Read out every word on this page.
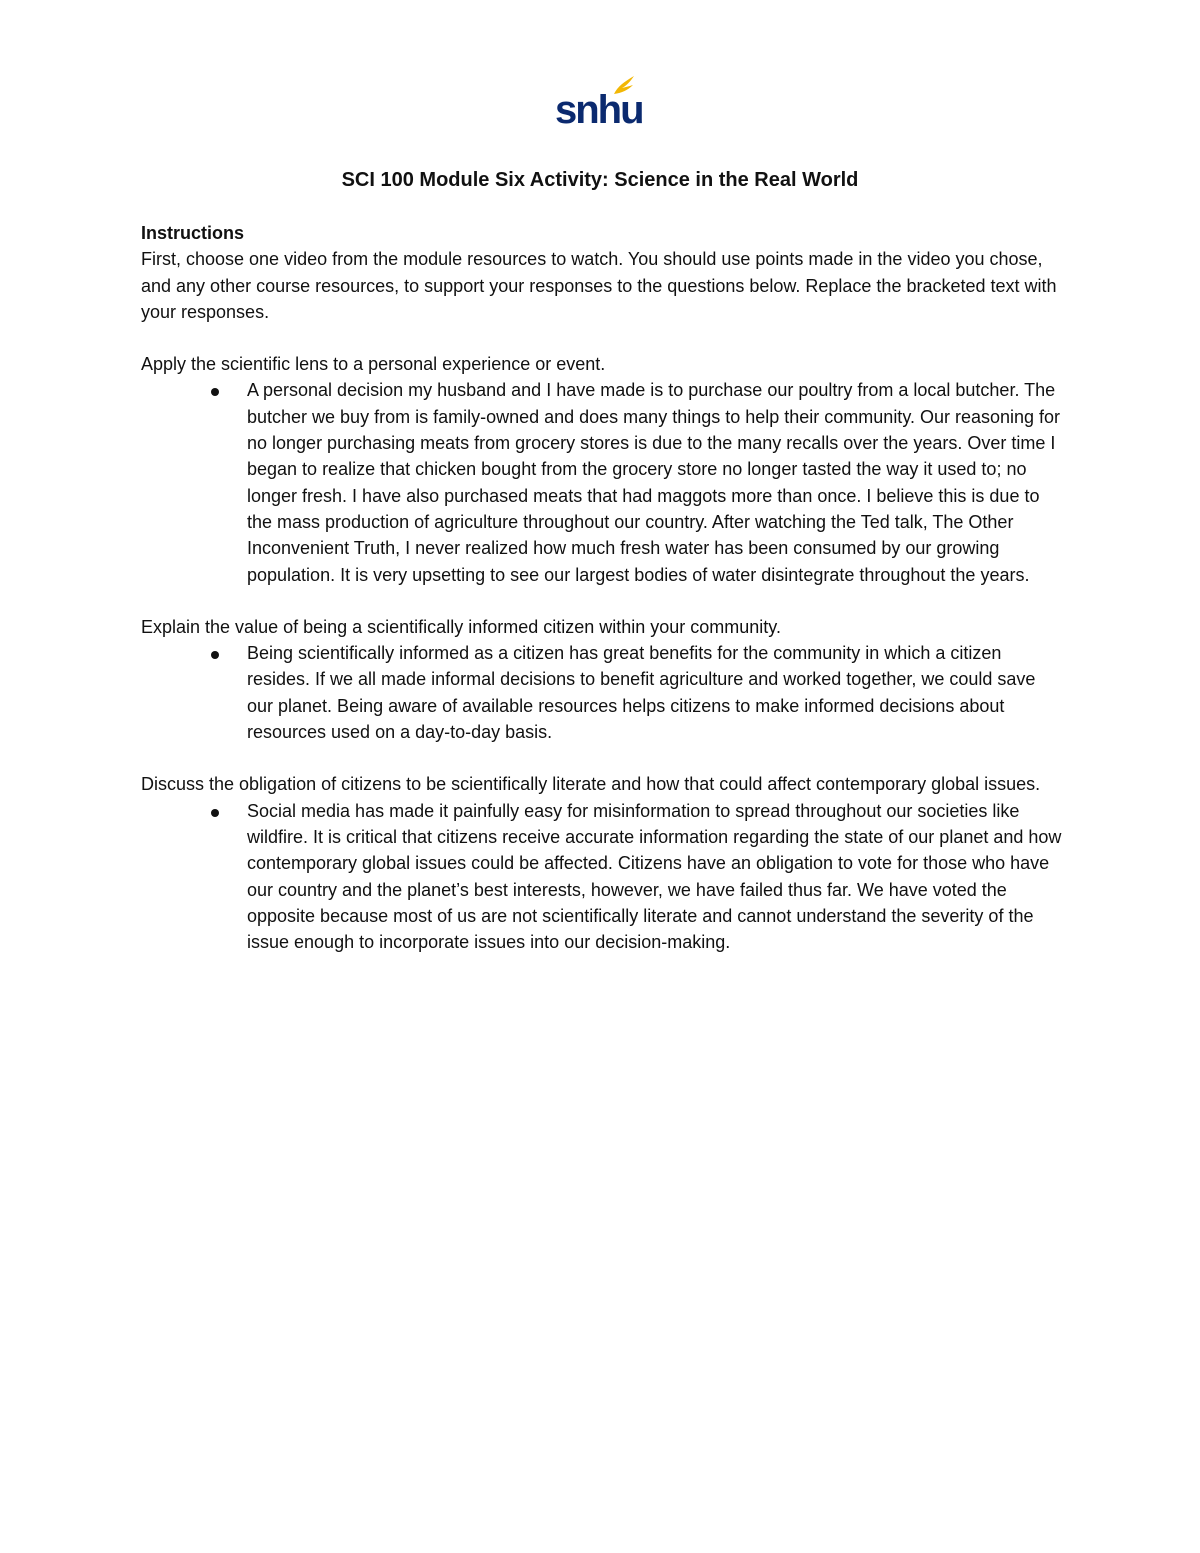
snhu
SCI 100 Module Six Activity: Science in the Real World
Instructions

First, choose one video from the module resources to watch. You should use points made in the video you chose, and any other course resources, to support your responses to the questions below. Replace the bracketed text with your responses.

Apply the scientific lens to a personal experience or event.

A personal decision my husband and I have made is to purchase our poultry from a local butcher. The butcher we buy from is family-owned and does many things to help their community. Our reasoning for no longer purchasing meats from grocery stores is due to the many recalls over the years. Over time I began to realize that chicken bought from the grocery store no longer tasted the way it used to; no longer fresh. I have also purchased meats that had maggots more than once. I believe this is due to the mass production of agriculture throughout our country. After watching the Ted talk, The Other Inconvenient Truth, I never realized how much fresh water has been consumed by our growing population. It is very upsetting to see our largest bodies of water disintegrate throughout the years.

Explain the value of being a scientifically informed citizen within your community.

Being scientifically informed as a citizen has great benefits for the community in which a citizen resides. If we all made informal decisions to benefit agriculture and worked together, we could save our planet. Being aware of available resources helps citizens to make informed decisions about resources used on a day-to-day basis.

Discuss the obligation of citizens to be scientifically literate and how that could affect contemporary global issues.

Social media has made it painfully easy for misinformation to spread throughout our societies like wildfire. It is critical that citizens receive accurate information regarding the state of our planet and how contemporary global issues could be affected. Citizens have an obligation to vote for those who have our country and the planet’s best interests, however, we have failed thus far. We have voted the opposite because most of us are not scientifically literate and cannot understand the severity of the issue enough to incorporate issues into our decision-making.
